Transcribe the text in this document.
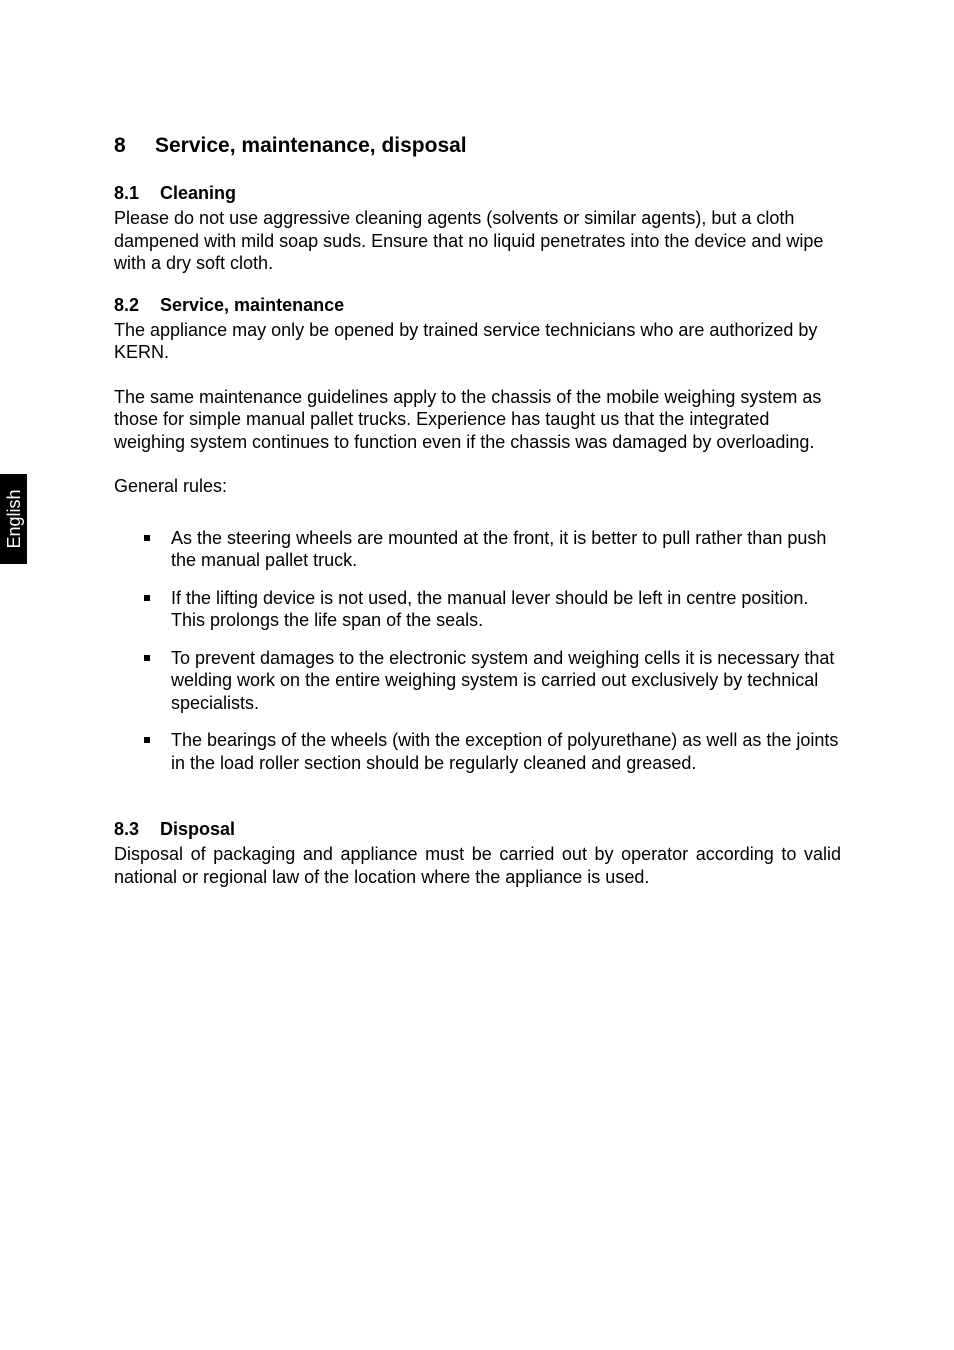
English
8	Service, maintenance, disposal
8.1	Cleaning

Please do not use aggressive cleaning agents (solvents or similar agents), but a cloth dampened with mild soap suds. Ensure that no liquid penetrates into the device and wipe with a dry soft cloth.

8.2	Service, maintenance

The appliance may only be opened by trained service technicians who are authorized by KERN.

The same maintenance guidelines apply to the chassis of the mobile weighing system as those for simple manual pallet trucks. Experience has taught us that the integrated weighing system continues to function even if the chassis was damaged by overloading.

General rules:

As the steering wheels are mounted at the front, it is better to pull rather than push the manual pallet truck.
If the lifting device is not used, the manual lever should be left in centre position.  This prolongs the life span of the seals.
To prevent damages to the electronic system and weighing cells it is necessary that welding work on the entire weighing system is carried out exclusively by technical specialists.
The bearings of the wheels (with the exception of polyurethane) as well as the joints in the load roller section should be regularly cleaned and greased.
8.3	Disposal

Disposal of packaging and appliance must be carried out by operator according to valid national or regional law of the location where the appliance is used.
